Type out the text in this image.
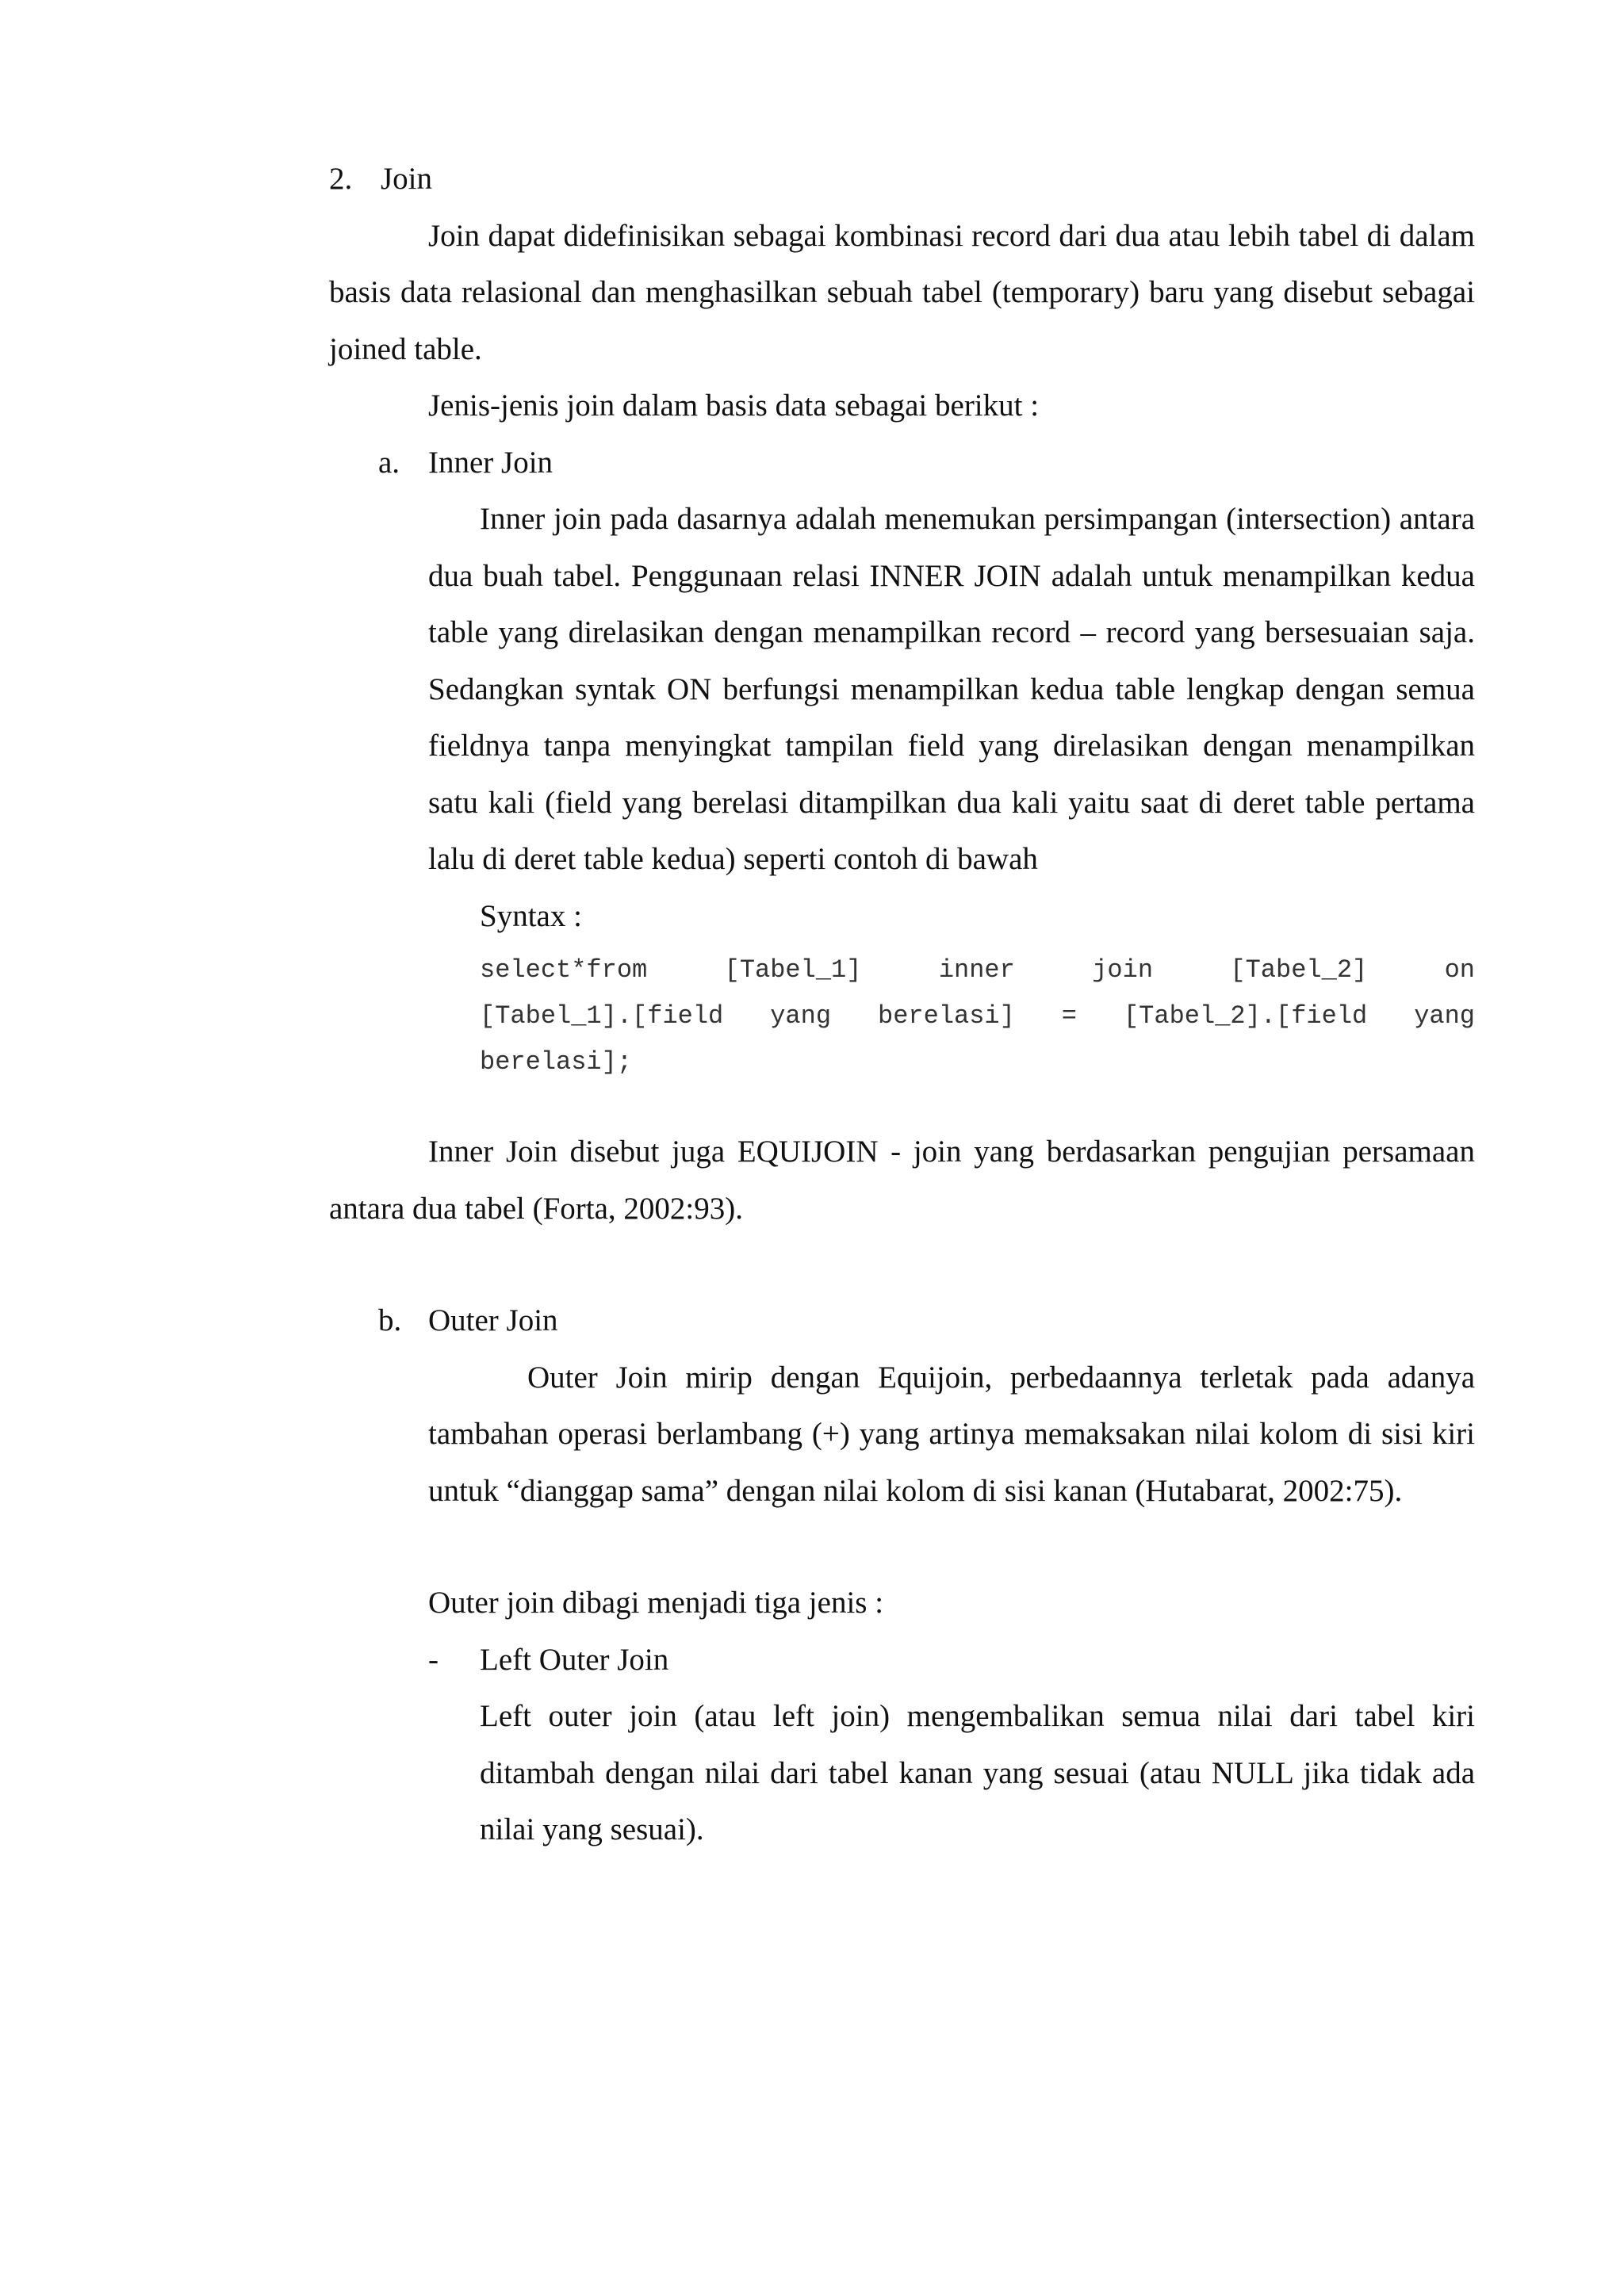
2. Join

Join dapat didefinisikan sebagai kombinasi record dari dua atau lebih tabel di dalam basis data relasional dan menghasilkan sebuah tabel (temporary) baru yang disebut sebagai joined table.

Jenis-jenis join dalam basis data sebagai berikut :

a. Inner Join

Inner join pada dasarnya adalah menemukan persimpangan (intersection) antara dua buah tabel. Penggunaan relasi INNER JOIN adalah untuk menampilkan kedua table yang direlasikan dengan menampilkan record – record yang bersesuaian saja. Sedangkan syntak ON berfungsi menampilkan kedua table lengkap dengan semua fieldnya tanpa menyingkat tampilan field yang direlasikan dengan menampilkan satu kali (field yang berelasi ditampilkan dua kali yaitu saat di deret table pertama lalu di deret table kedua) seperti contoh di bawah

Syntax :

select*from [Tabel_1] inner join [Tabel_2] on
[Tabel_1].[field yang berelasi] = [Tabel_2].[field yang
berelasi];

Inner Join disebut juga EQUIJOIN - join yang berdasarkan pengujian persamaan antara dua tabel (Forta, 2002:93).

b. Outer Join

Outer Join mirip dengan Equijoin, perbedaannya terletak pada adanya tambahan operasi berlambang (+) yang artinya memaksakan nilai kolom di sisi kiri untuk “dianggap sama” dengan nilai kolom di sisi kanan (Hutabarat, 2002:75).

Outer join dibagi menjadi tiga jenis :

-	Left Outer Join

Left outer join (atau left join) mengembalikan semua nilai dari tabel kiri ditambah dengan nilai dari tabel kanan yang sesuai (atau NULL jika tidak ada nilai yang sesuai).
